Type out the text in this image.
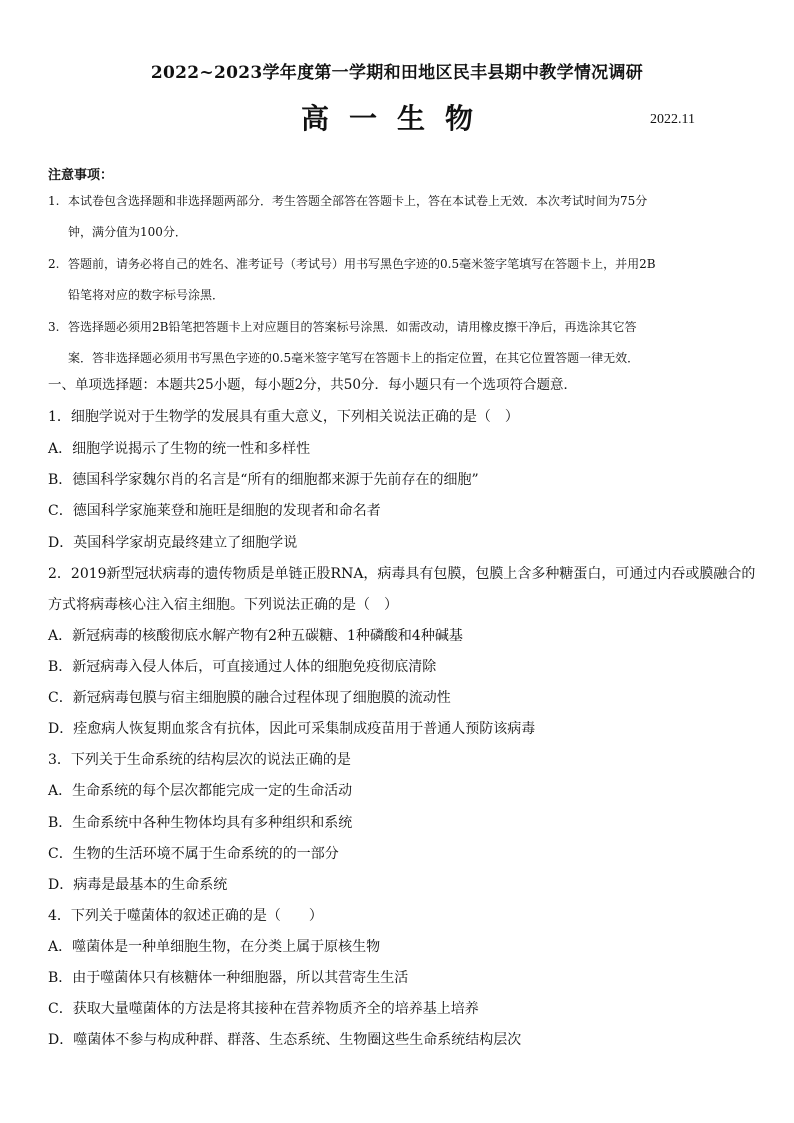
2022~2023学年度第一学期和田地区民丰县期中教学情况调研
高一生物	2022.11
注意事项：
1. 本试卷包含选择题和非选择题两部分．考生答题全部答在答题卡上，答在本试卷上无效．本次考试时间为75分
钟，满分值为100分．
2. 答题前，请务必将自己的姓名、准考证号（考试号）用书写黑色字迹的0.5毫米签字笔填写在答题卡上，并用2B
铅笔将对应的数字标号涂黑．
3. 答选择题必须用2B铅笔把答题卡上对应题目的答案标号涂黑．如需改动，请用橡皮擦干净后，再选涂其它答
案．答非选择题必须用书写黑色字迹的0.5毫米签字笔写在答题卡上的指定位置，在其它位置答题一律无效．
一、单项选择题：本题共25小题，每小题2分，共50分．每小题只有一个选项符合题意．
1．细胞学说对于生物学的发展具有重大意义，下列相关说法正确的是（　）
A．细胞学说揭示了生物的统一性和多样性
B．德国科学家魏尔肖的名言是“所有的细胞都来源于先前存在的细胞”
C．德国科学家施莱登和施旺是细胞的发现者和命名者
D．英国科学家胡克最终建立了细胞学说
2．2019新型冠状病毒的遗传物质是单链正股RNA，病毒具有包膜，包膜上含多种糖蛋白，可通过内吞或膜融合的
方式将病毒核心注入宿主细胞。下列说法正确的是（　）
A．新冠病毒的核酸彻底水解产物有2种五碳糖、1种磷酸和4种碱基
B．新冠病毒入侵人体后，可直接通过人体的细胞免疫彻底清除
C．新冠病毒包膜与宿主细胞膜的融合过程体现了细胞膜的流动性
D．痊愈病人恢复期血浆含有抗体，因此可采集制成疫苗用于普通人预防该病毒
3．下列关于生命系统的结构层次的说法正确的是
A．生命系统的每个层次都能完成一定的生命活动
B．生命系统中各种生物体均具有多种组织和系统
C．生物的生活环境不属于生命系统的的一部分
D．病毒是最基本的生命系统
4．下列关于噬菌体的叙述正确的是（　　）
A．噬菌体是一种单细胞生物，在分类上属于原核生物
B．由于噬菌体只有核糖体一种细胞器，所以其营寄生生活
C．获取大量噬菌体的方法是将其接种在营养物质齐全的培养基上培养
D．噬菌体不参与构成种群、群落、生态系统、生物圈这些生命系统结构层次
